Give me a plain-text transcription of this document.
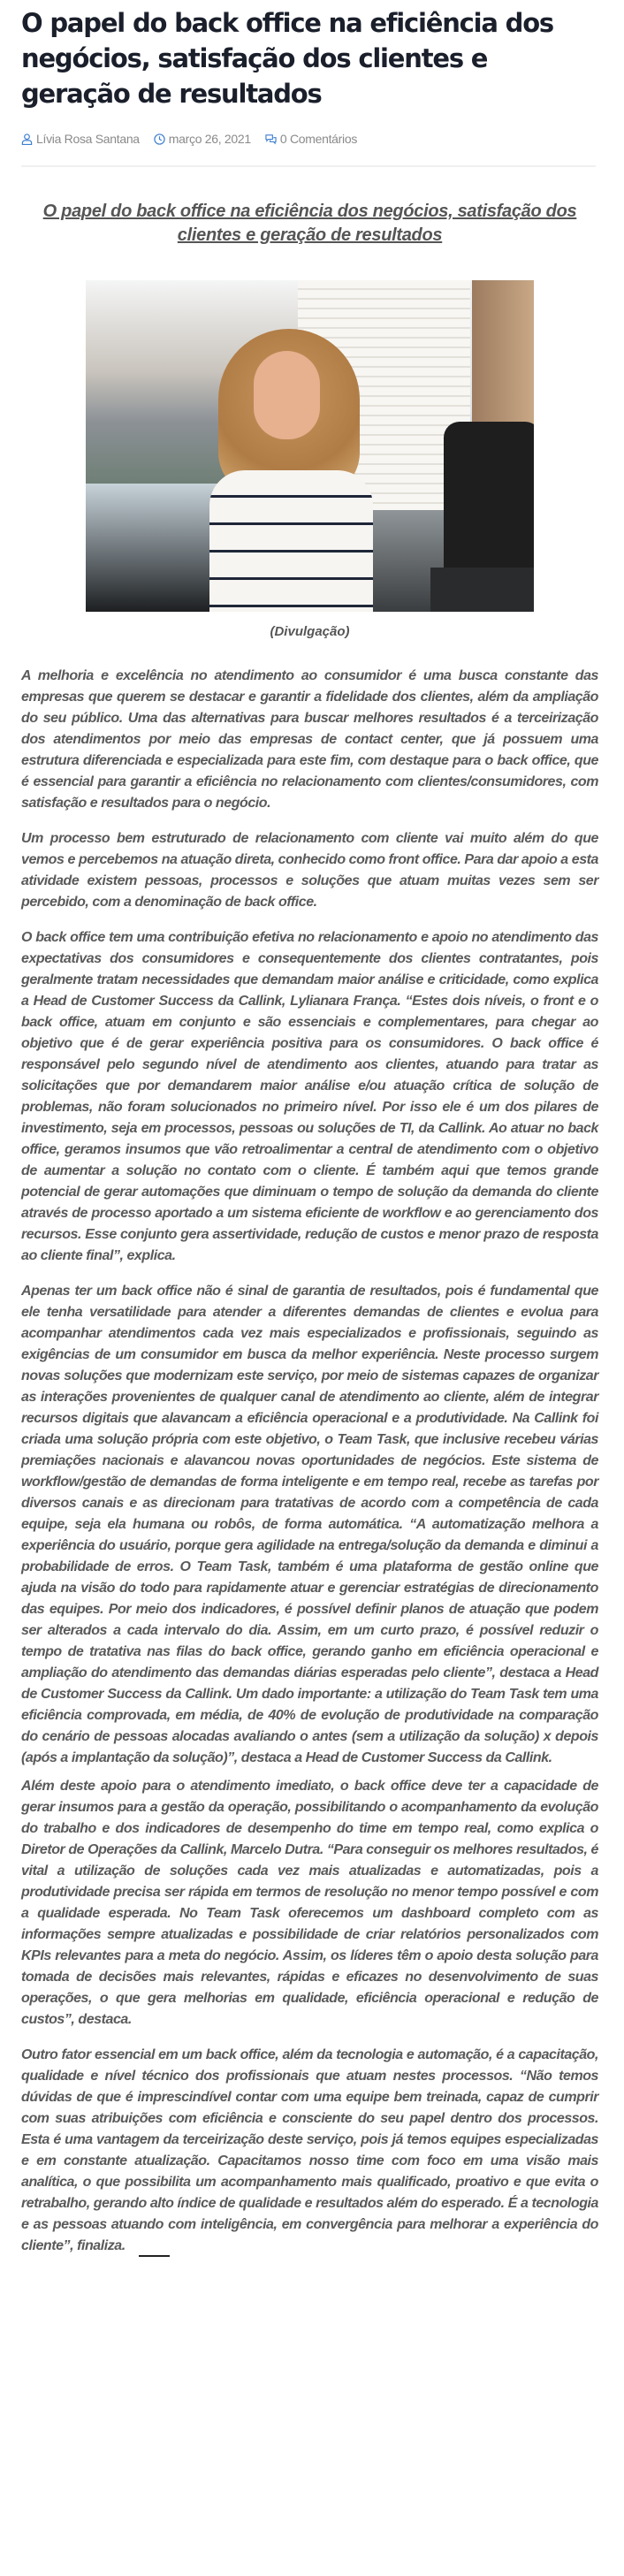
O papel do back office na eficiência dos negócios, satisfação dos clientes e geração de resultados
Lívia Rosa Santana março 26, 2021 0 Comentários
O papel do back office na eficiência dos negócios, satisfação dos clientes e geração de resultados
(Divulgação)

A melhoria e excelência no atendimento ao consumidor é uma busca constante das empresas que querem se destacar e garantir a fidelidade dos clientes, além da ampliação do seu público. Uma das alternativas para buscar melhores resultados é a terceirização dos atendimentos por meio das empresas de contact center, que já possuem uma estrutura diferenciada e especializada para este fim, com destaque para o back office, que é essencial para garantir a eficiência no relacionamento com clientes/consumidores, com satisfação e resultados para o negócio.

Um processo bem estruturado de relacionamento com cliente vai muito além do que vemos e percebemos na atuação direta, conhecido como front office. Para dar apoio a esta atividade existem pessoas, processos e soluções que atuam muitas vezes sem ser percebido, com a denominação de back office.

O back office tem uma contribuição efetiva no relacionamento e apoio no atendimento das expectativas dos consumidores e consequentemente dos clientes contratantes, pois geralmente tratam necessidades que demandam maior análise e criticidade, como explica a Head de Customer Success da Callink, Lylianara França. “Estes dois níveis, o front e o back office, atuam em conjunto e são essenciais e complementares, para chegar ao objetivo que é de gerar experiência positiva para os consumidores. O back office é responsável pelo segundo nível de atendimento aos clientes, atuando para tratar as solicitações que por demandarem maior análise e/ou atuação crítica de solução de problemas, não foram solucionados no primeiro nível. Por isso ele é um dos pilares de investimento, seja em processos, pessoas ou soluções de TI, da Callink. Ao atuar no back office, geramos insumos que vão retroalimentar a central de atendimento com o objetivo de aumentar a solução no contato com o cliente. É também aqui que temos grande potencial de gerar automações que diminuam o tempo de solução da demanda do cliente através de processo aportado a um sistema eficiente de workflow e ao gerenciamento dos recursos. Esse conjunto gera assertividade, redução de custos e menor prazo de resposta ao cliente final”, explica.

Apenas ter um back office não é sinal de garantia de resultados, pois é fundamental que ele tenha versatilidade para atender a diferentes demandas de clientes e evolua para acompanhar atendimentos cada vez mais especializados e profissionais, seguindo as exigências de um consumidor em busca da melhor experiência. Neste processo surgem novas soluções que modernizam este serviço, por meio de sistemas capazes de organizar as interações provenientes de qualquer canal de atendimento ao cliente, além de integrar recursos digitais que alavancam a eficiência operacional e a produtividade. Na Callink foi criada uma solução própria com este objetivo, o Team Task, que inclusive recebeu várias premiações nacionais e alavancou novas oportunidades de negócios. Este sistema de workflow/gestão de demandas de forma inteligente e em tempo real, recebe as tarefas por diversos canais e as direcionam para tratativas de acordo com a competência de cada equipe, seja ela humana ou robôs, de forma automática. “A automatização melhora a experiência do usuário, porque gera agilidade na entrega/solução da demanda e diminui a probabilidade de erros. O Team Task, também é uma plataforma de gestão online que ajuda na visão do todo para rapidamente atuar e gerenciar estratégias de direcionamento das equipes. Por meio dos indicadores, é possível definir planos de atuação que podem ser alterados a cada intervalo do dia. Assim, em um curto prazo, é possível reduzir o tempo de tratativa nas filas do back office, gerando ganho em eficiência operacional e ampliação do atendimento das demandas diárias esperadas pelo cliente”, destaca a Head de Customer Success da Callink. Um dado importante: a utilização do Team Task tem uma eficiência comprovada, em média, de 40% de evolução de produtividade na comparação do cenário de pessoas alocadas avaliando o antes (sem a utilização da solução) x depois (após a implantação da solução)”, destaca a Head de Customer Success da Callink.

Além deste apoio para o atendimento imediato, o back office deve ter a capacidade de gerar insumos para a gestão da operação, possibilitando o acompanhamento da evolução do trabalho e dos indicadores de desempenho do time em tempo real, como explica o Diretor de Operações da Callink, Marcelo Dutra. “Para conseguir os melhores resultados, é vital a utilização de soluções cada vez mais atualizadas e automatizadas, pois a produtividade precisa ser rápida em termos de resolução no menor tempo possível e com a qualidade esperada. No Team Task oferecemos um dashboard completo com as informações sempre atualizadas e possibilidade de criar relatórios personalizados com KPIs relevantes para a meta do negócio. Assim, os líderes têm o apoio desta solução para tomada de decisões mais relevantes, rápidas e eficazes no desenvolvimento de suas operações, o que gera melhorias em qualidade, eficiência operacional e redução de custos”, destaca.

Outro fator essencial em um back office, além da tecnologia e automação, é a capacitação, qualidade e nível técnico dos profissionais que atuam nestes processos. “Não temos dúvidas de que é imprescindível contar com uma equipe bem treinada, capaz de cumprir com suas atribuições com eficiência e consciente do seu papel dentro dos processos. Esta é uma vantagem da terceirização deste serviço, pois já temos equipes especializadas e em constante atualização. Capacitamos nosso time com foco em uma visão mais analítica, o que possibilita um acompanhamento mais qualificado, proativo e que evita o retrabalho, gerando alto índice de qualidade e resultados além do esperado. É a tecnologia e as pessoas atuando com inteligência, em convergência para melhorar a experiência do cliente”, finaliza.
